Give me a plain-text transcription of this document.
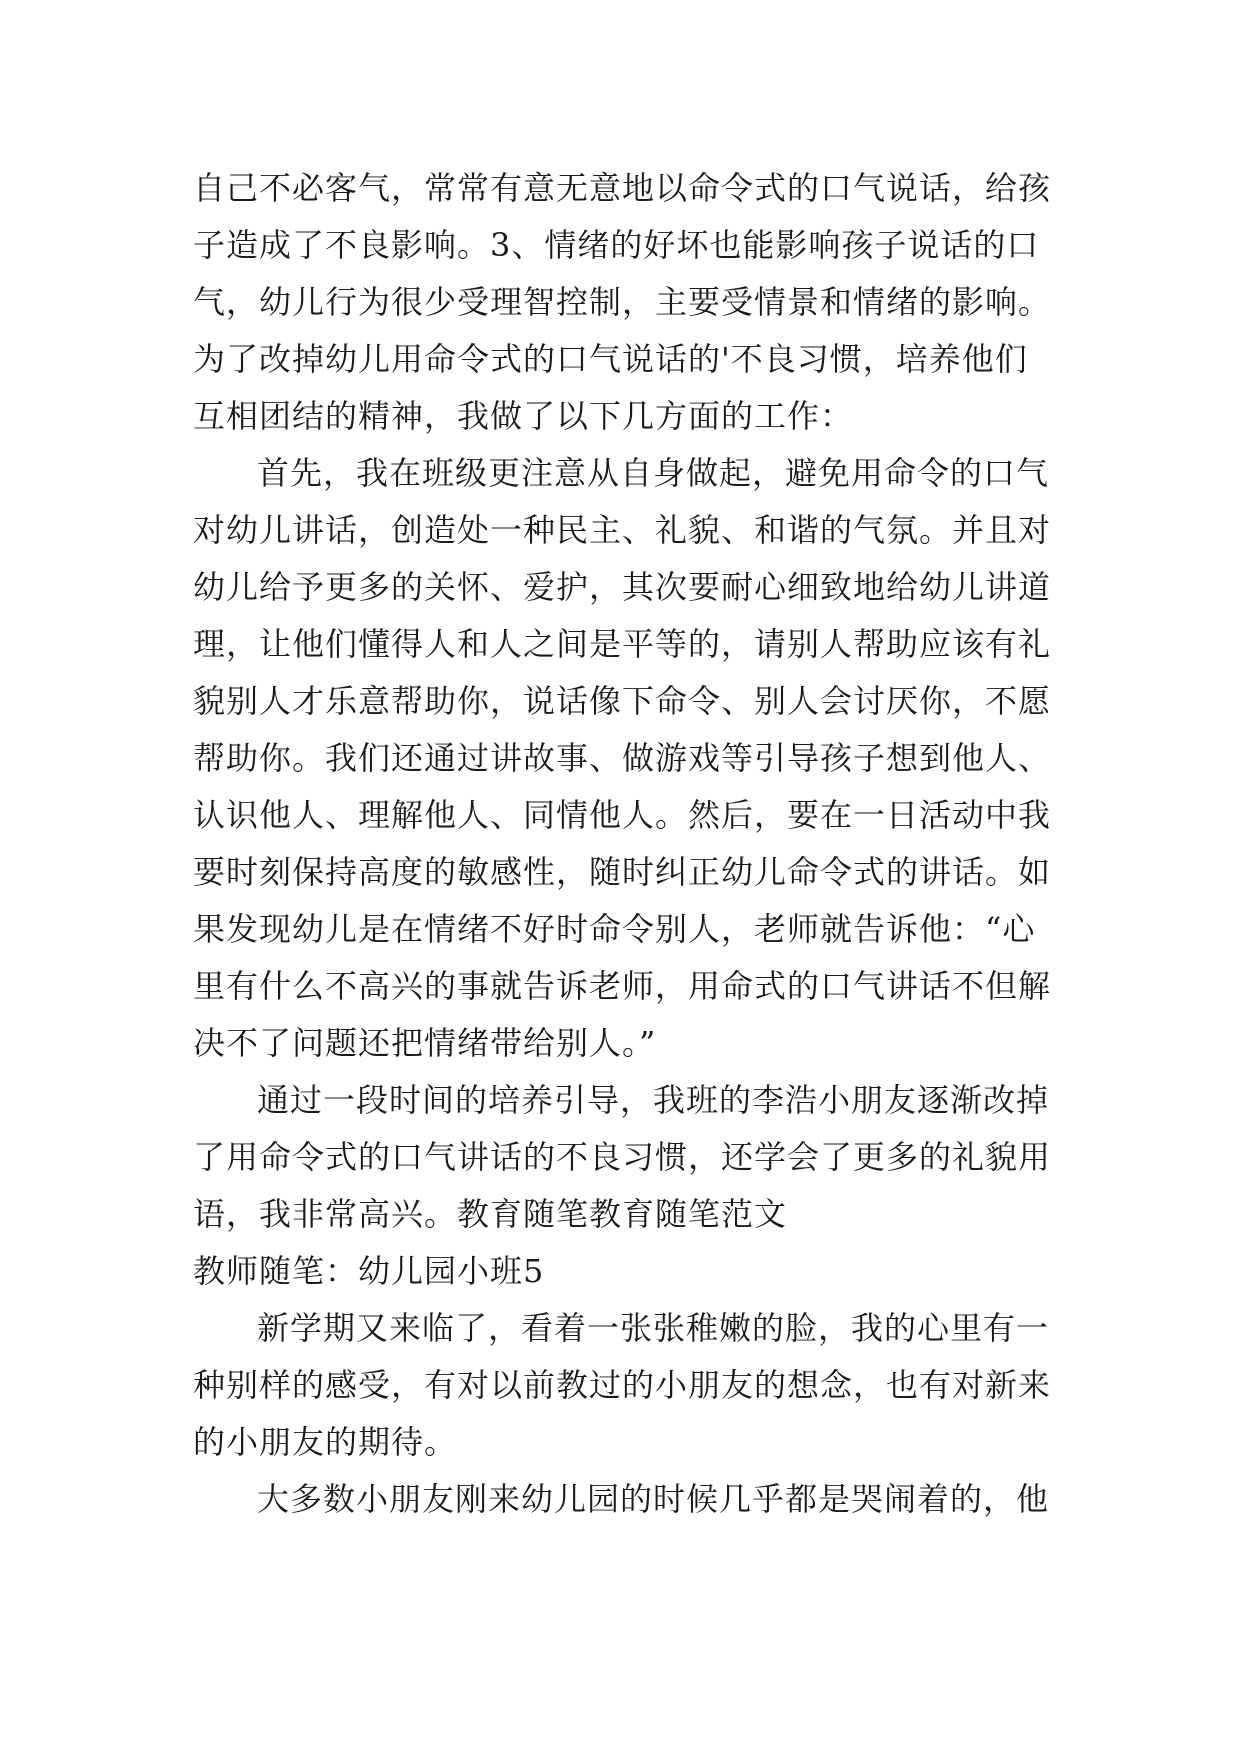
自己不必客气，常常有意无意地以命令式的口气说话，给孩
子造成了不良影响。3、情绪的好坏也能影响孩子说话的口
气，幼儿行为很少受理智控制，主要受情景和情绪的影响。
为了改掉幼儿用命令式的口气说话的'不良习惯，培养他们
互相团结的精神，我做了以下几方面的工作：
首先，我在班级更注意从自身做起，避免用命令的口气
对幼儿讲话，创造处一种民主、礼貌、和谐的气氛。并且对
幼儿给予更多的关怀、爱护，其次要耐心细致地给幼儿讲道
理，让他们懂得人和人之间是平等的，请别人帮助应该有礼
貌别人才乐意帮助你，说话像下命令、别人会讨厌你，不愿
帮助你。我们还通过讲故事、做游戏等引导孩子想到他人、
认识他人、理解他人、同情他人。然后，要在一日活动中我
要时刻保持高度的敏感性，随时纠正幼儿命令式的讲话。如
果发现幼儿是在情绪不好时命令别人，老师就告诉他：“心
里有什么不高兴的事就告诉老师，用命式的口气讲话不但解
决不了问题还把情绪带给别人。”
通过一段时间的培养引导，我班的李浩小朋友逐渐改掉
了用命令式的口气讲话的不良习惯，还学会了更多的礼貌用
语，我非常高兴。教育随笔教育随笔范文
教师随笔：幼儿园小班5
新学期又来临了，看着一张张稚嫩的脸，我的心里有一
种别样的感受，有对以前教过的小朋友的想念，也有对新来
的小朋友的期待。
大多数小朋友刚来幼儿园的时候几乎都是哭闹着的，他
